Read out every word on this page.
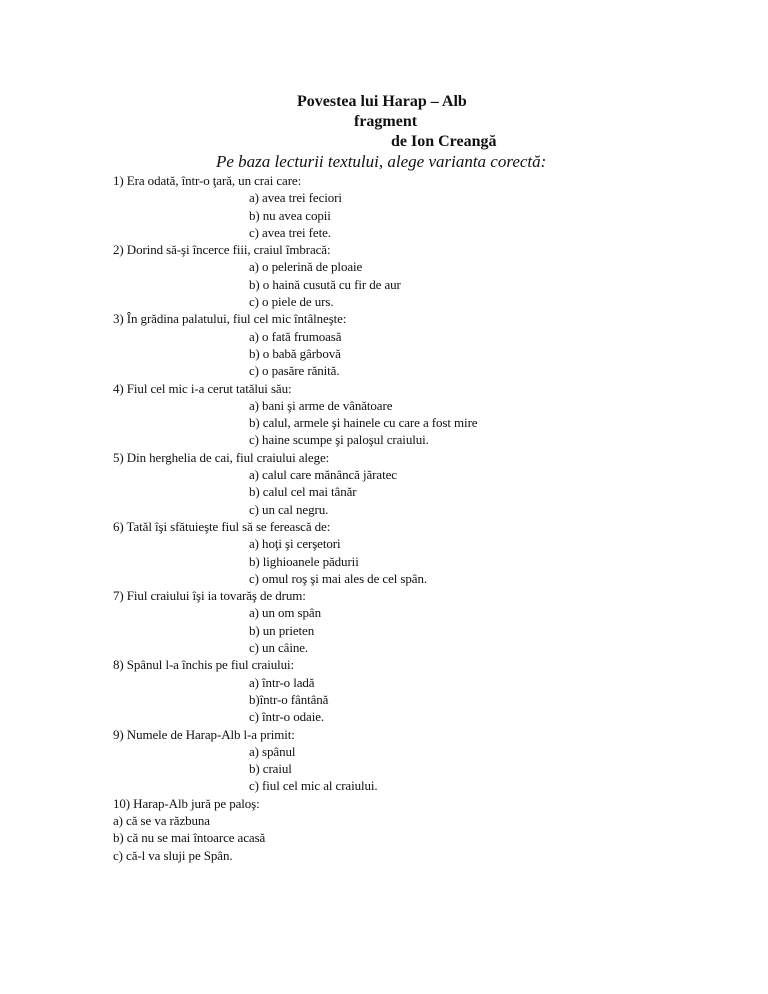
Povestea lui Harap – Alb
fragment
de Ion Creangă
Pe baza lecturii textului, alege varianta corectă:
1) Era odată, într-o ţară, un crai care:
a) avea trei feciori
b) nu avea copii
c) avea trei fete.
2) Dorind să-şi încerce fiii, craiul îmbracă:
a) o pelerină de ploaie
b) o haină cusută cu fir de aur
c) o piele de urs.
3) În grădina palatului, fiul cel mic întâlneşte:
a) o fată frumoasă
b) o babă gârbovă
c) o pasăre rănită.
4) Fiul cel mic i-a cerut tatălui său:
a) bani şi arme de vânătoare
b) calul, armele şi hainele cu care a fost mire
c) haine scumpe şi paloşul craiului.
5) Din herghelia de cai, fiul craiului alege:
a) calul care mănâncă jăratec
b) calul cel mai tânăr
c) un cal negru.
6) Tatăl îşi sfătuieşte fiul să se ferească de:
a) hoţi şi cerşetori
b) lighioanele pădurii
c) omul roş şi mai ales de cel spân.
7) Fiul craiului îşi ia tovarăş de drum:
a) un om spân
b) un prieten
c) un câine.
8) Spânul l-a închis pe fiul craiului:
a) într-o ladă
b)într-o fântână
c) într-o odaie.
9) Numele de Harap-Alb l-a primit:
a) spânul
b) craiul
c) fiul cel mic al craiului.
10) Harap-Alb jură pe paloş:
a) că se va răzbuna
b) că nu se mai întoarce acasă
c) că-l va sluji pe Spân.
